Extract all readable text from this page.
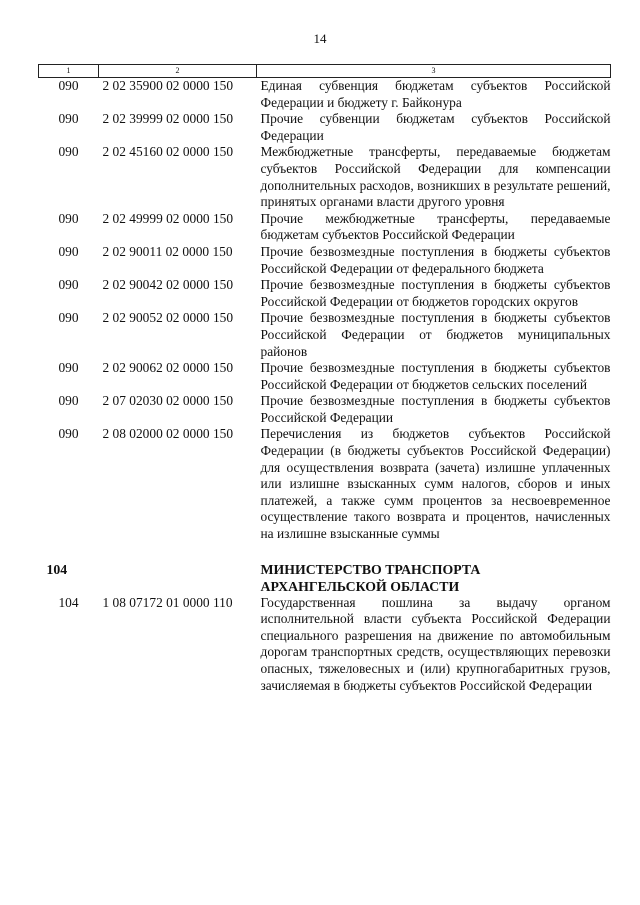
14
1	2	3
090	2 02 35900 02 0000 150	Единая субвенция бюджетам субъектов Российской Федерации и бюджету г. Байконура
090	2 02 39999 02 0000 150	Прочие субвенции бюджетам субъектов Российской Федерации
090	2 02 45160 02 0000 150	Межбюджетные трансферты, передаваемые бюджетам субъектов Российской Федерации для компенсации дополнительных расходов, возникших в результате решений, принятых органами власти другого уровня
090	2 02 49999 02 0000 150	Прочие межбюджетные трансферты, передаваемые бюджетам субъектов Российской Федерации
090	2 02 90011 02 0000 150	Прочие безвозмездные поступления в бюджеты субъектов Российской Федерации от федерального бюджета
090	2 02 90042 02 0000 150	Прочие безвозмездные поступления в бюджеты субъектов Российской Федерации от бюджетов городских округов
090	2 02 90052 02 0000 150	Прочие безвозмездные поступления в бюджеты субъектов Российской Федерации от бюджетов муниципальных районов
090	2 02 90062 02 0000 150	Прочие безвозмездные поступления в бюджеты субъектов Российской Федерации от бюджетов сельских поселений
090	2 07 02030 02 0000 150	Прочие безвозмездные поступления в бюджеты субъектов Российской Федерации
090	2 08 02000 02 0000 150	Перечисления из бюджетов субъектов Российской Федерации (в бюджеты субъектов Российской Федерации) для осуществления возврата (зачета) излишне уплаченных или излишне взысканных сумм налогов, сборов и иных платежей, а также сумм процентов за несвоевременное осуществление такого возврата и процентов, начисленных на излишне взысканные суммы

104		МИНИСТЕРСТВО ТРАНСПОРТА
АРХАНГЕЛЬСКОЙ ОБЛАСТИ

104	1 08 07172 01 0000 110	Государственная пошлина за выдачу органом исполнительной власти субъекта Российской Федерации специального разрешения на движение по автомобильным дорогам транспортных средств, осуществляющих перевозки опасных, тяжеловесных и (или) крупногабаритных грузов, зачисляемая в бюджеты субъектов Российской Федерации
